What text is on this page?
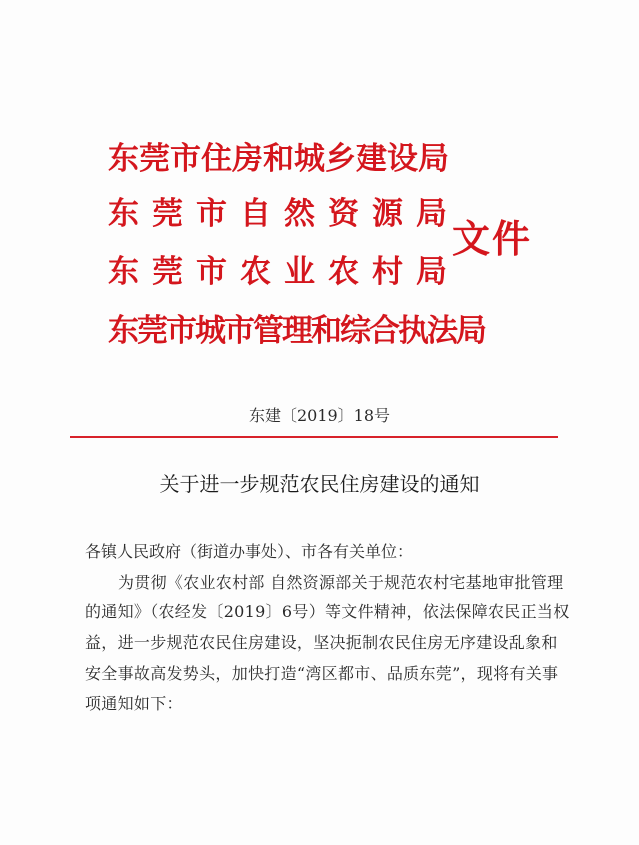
东莞市住房和城乡建设局
东莞市自然资源局
东莞市农业农村局
东莞市城市管理和综合执法局
文件
东建〔2019〕18号
关于进一步规范农民住房建设的通知
各镇人民政府（街道办事处）、市各有关单位：
为贯彻《农业农村部 自然资源部关于规范农村宅基地审批管理
的通知》（农经发〔2019〕6号）等文件精神，依法保障农民正当权
益，进一步规范农民住房建设，坚决扼制农民住房无序建设乱象和
安全事故高发势头，加快打造“湾区都市、品质东莞”，现将有关事
项通知如下：
